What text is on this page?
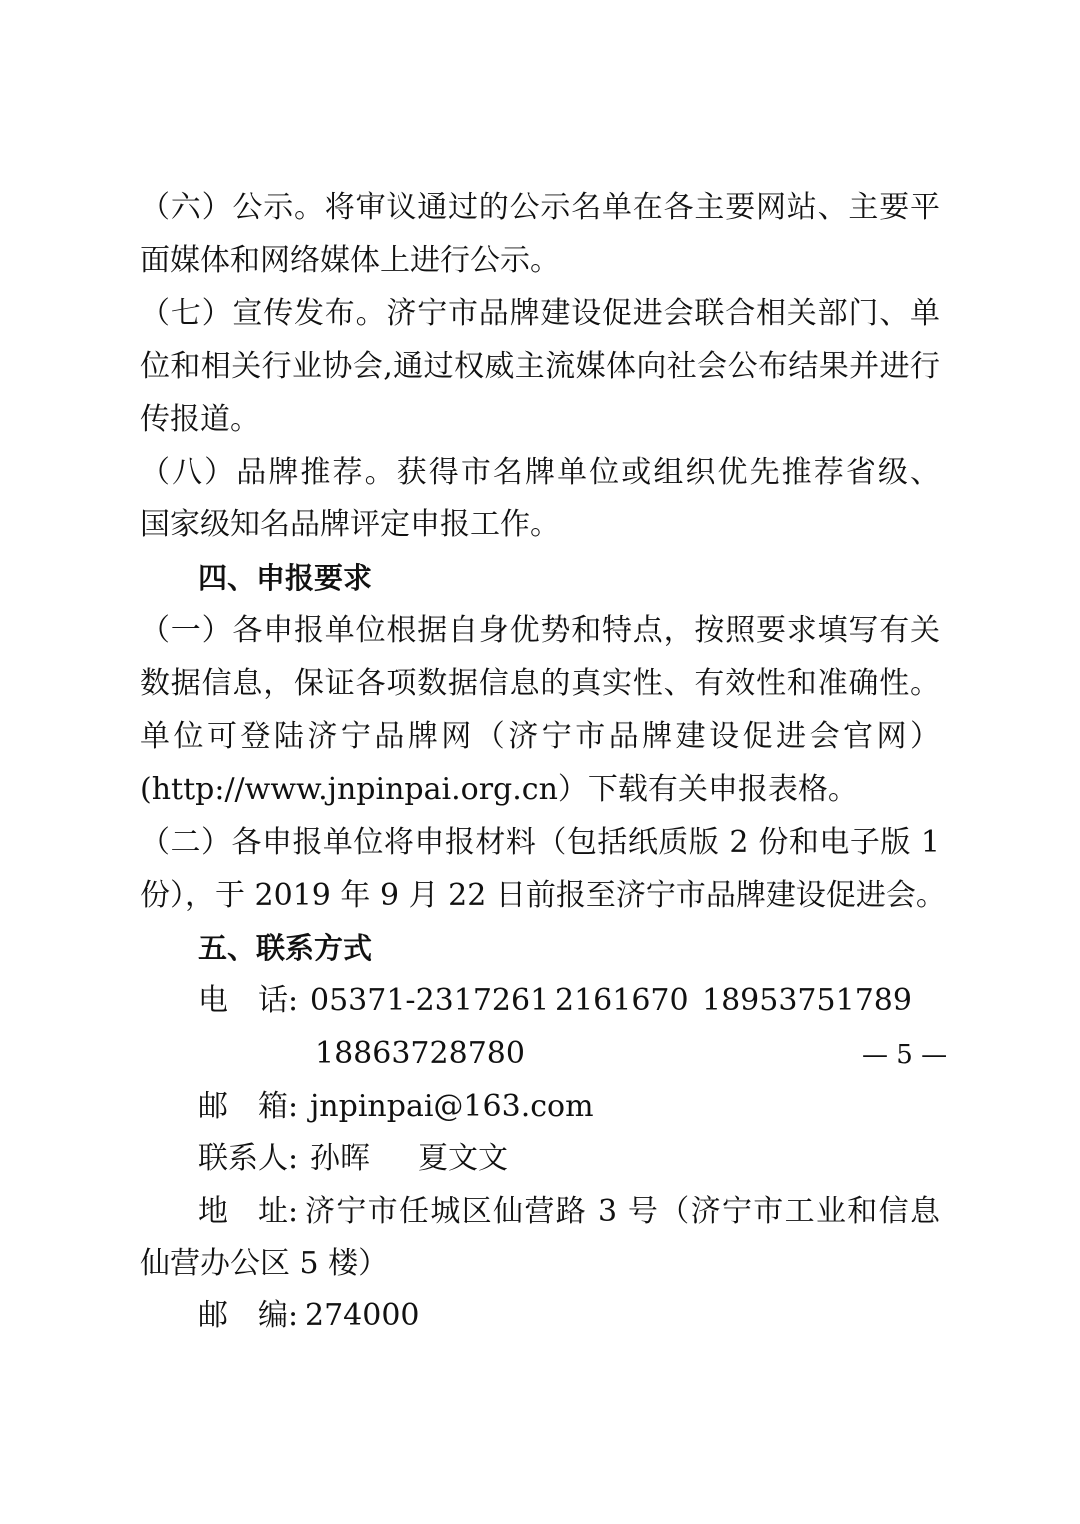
（六）公示。将审议通过的公示名单在各主要网站、主要平
面媒体和网络媒体上进行公示。
（七）宣传发布。济宁市品牌建设促进会联合相关部门、单
位和相关行业协会,通过权威主流媒体向社会公布结果并进行
传报道。
（八）品牌推荐。获得市名牌单位或组织优先推荐省级、
国家级知名品牌评定申报工作。
四、申报要求
（一）各申报单位根据自身优势和特点，按照要求填写有关
数据信息，保证各项数据信息的真实性、有效性和准确性。
单位可登陆济宁品牌网（济宁市品牌建设促进会官网）
(http://www.jnpinpai.org.cn）下载有关申报表格。
（二）各申报单位将申报材料（包括纸质版 2 份和电子版 1
份），于 2019 年 9 月 22 日前报至济宁市品牌建设促进会。
五、联系方式
电　话: 05371-2317261 2161670 18953751789
18863728780
邮　箱: jnpinpai@163.com
联系人: 孙晖 夏文文
地　址: 济宁市任城区仙营路 3 号（济宁市工业和信息
仙营办公区 5 楼）
邮　编: 274000
— 5 —
